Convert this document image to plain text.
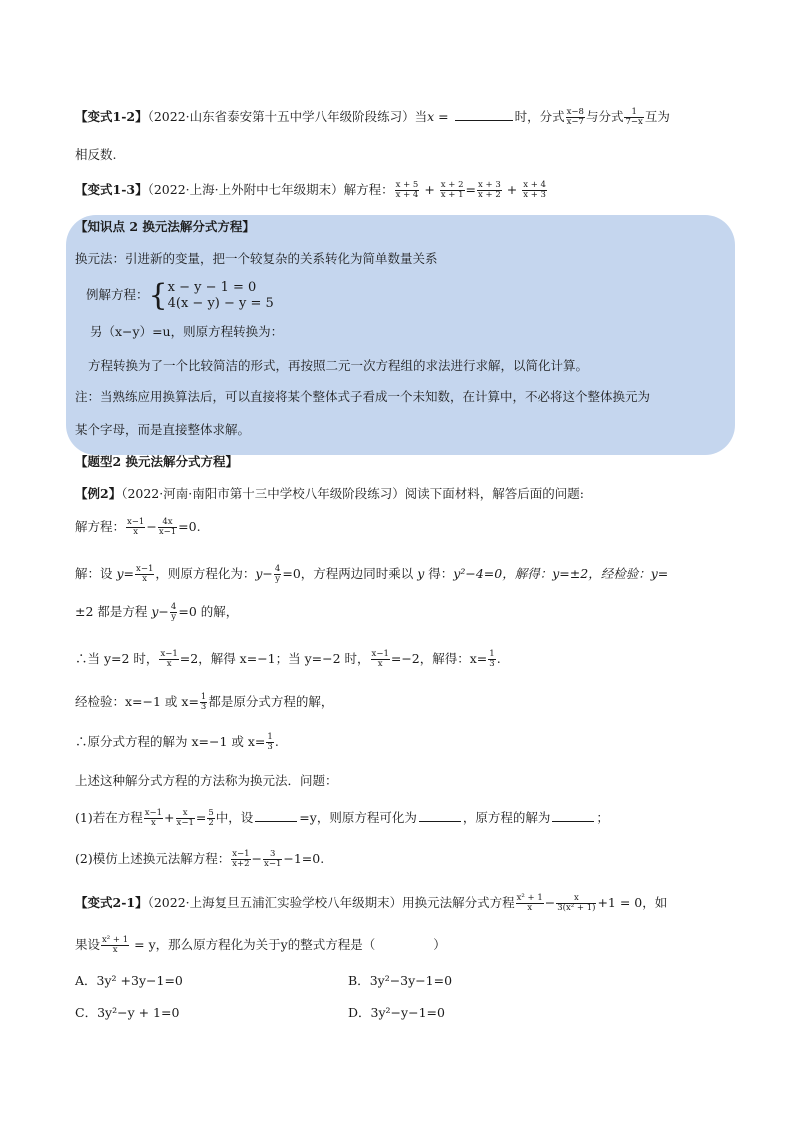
【变式1-2】（2022·山东省泰安第十五中学八年级阶段练习）当x =	时，分式 $\frac{x-8}{x-7}$ 与分式 $\frac{1}{7-x}$ 互为
相反数.
【变式1-3】（2022·上海·上外附中七年级期末）解方程： $\frac{x + 5}{x + 4} + \frac{x + 2}{x + 1} = \frac{x + 3}{x + 2} + \frac{x + 4}{x + 3}$
【知识点 2 换元法解分式方程】
换元法：引进新的变量，把一个较复杂的关系转化为简单数量关系
例解方程：{ x − y − 1 = 0
4(x − y) − y = 5
另（x−y）=u，则原方程转换为：
方程转换为了一个比较简洁的形式，再按照二元一次方程组的求法进行求解，以简化计算。
注：当熟练应用换算法后，可以直接将某个整体式子看成一个未知数，在计算中，不必将这个整体换元为
某个字母，而是直接整体求解。
【题型2 换元法解分式方程】
【例2】（2022·河南·南阳市第十三中学校八年级阶段练习）阅读下面材料，解答后面的问题:
解方程： $\frac{x-1}{x} - \frac{4x}{x-1} =0$.
解：设 $y= \frac{x-1}{x}$ ，则原方程化为：$y- \frac{4}{y} =0$，方程两边同时乘以 y 得：y²−4=0，解得：y=±2，经检验：y=
±2 都是方程 $y- \frac{4}{y} =0$ 的解，
∴当 y=2 时， $\frac{x-1}{x} =2$，解得 x=−1；当 y=−2 时， $\frac{x-1}{x} =-2$，解得：$x= \frac{1}{3}$ .
经检验：x=−1 或 $x= \frac{1}{3}$ 都是原分式方程的解，
∴原分式方程的解为 x=−1 或 $x= \frac{1}{3}$ .
上述这种解分式方程的方法称为换元法．问题：
(1)若在方程 $\frac{x-1}{x} + \frac{x}{x-1} = \frac{5}{2}$ 中，设	=y，则原方程可化为	，原方程的解为	；
(2)模仿上述换元法解方程： $\frac{x-1}{x+2} - \frac{3}{x-1} -1=0$.
【变式2-1】（2022·上海复旦五浦汇实验学校八年级期末）用换元法解分式方程 $\frac{\text{x² + 1}}{x} - \frac{x}{\text{3(x² + 1)}} +1 = 0$，如
果设 $\frac{\text{x² + 1}}{x} = y$，那么原方程化为关于y的整式方程是（	）
A．3y² +3y−1=0	B．3y²−3y−1=0
C．3y²−y + 1=0	D．3y²−y−1=0
